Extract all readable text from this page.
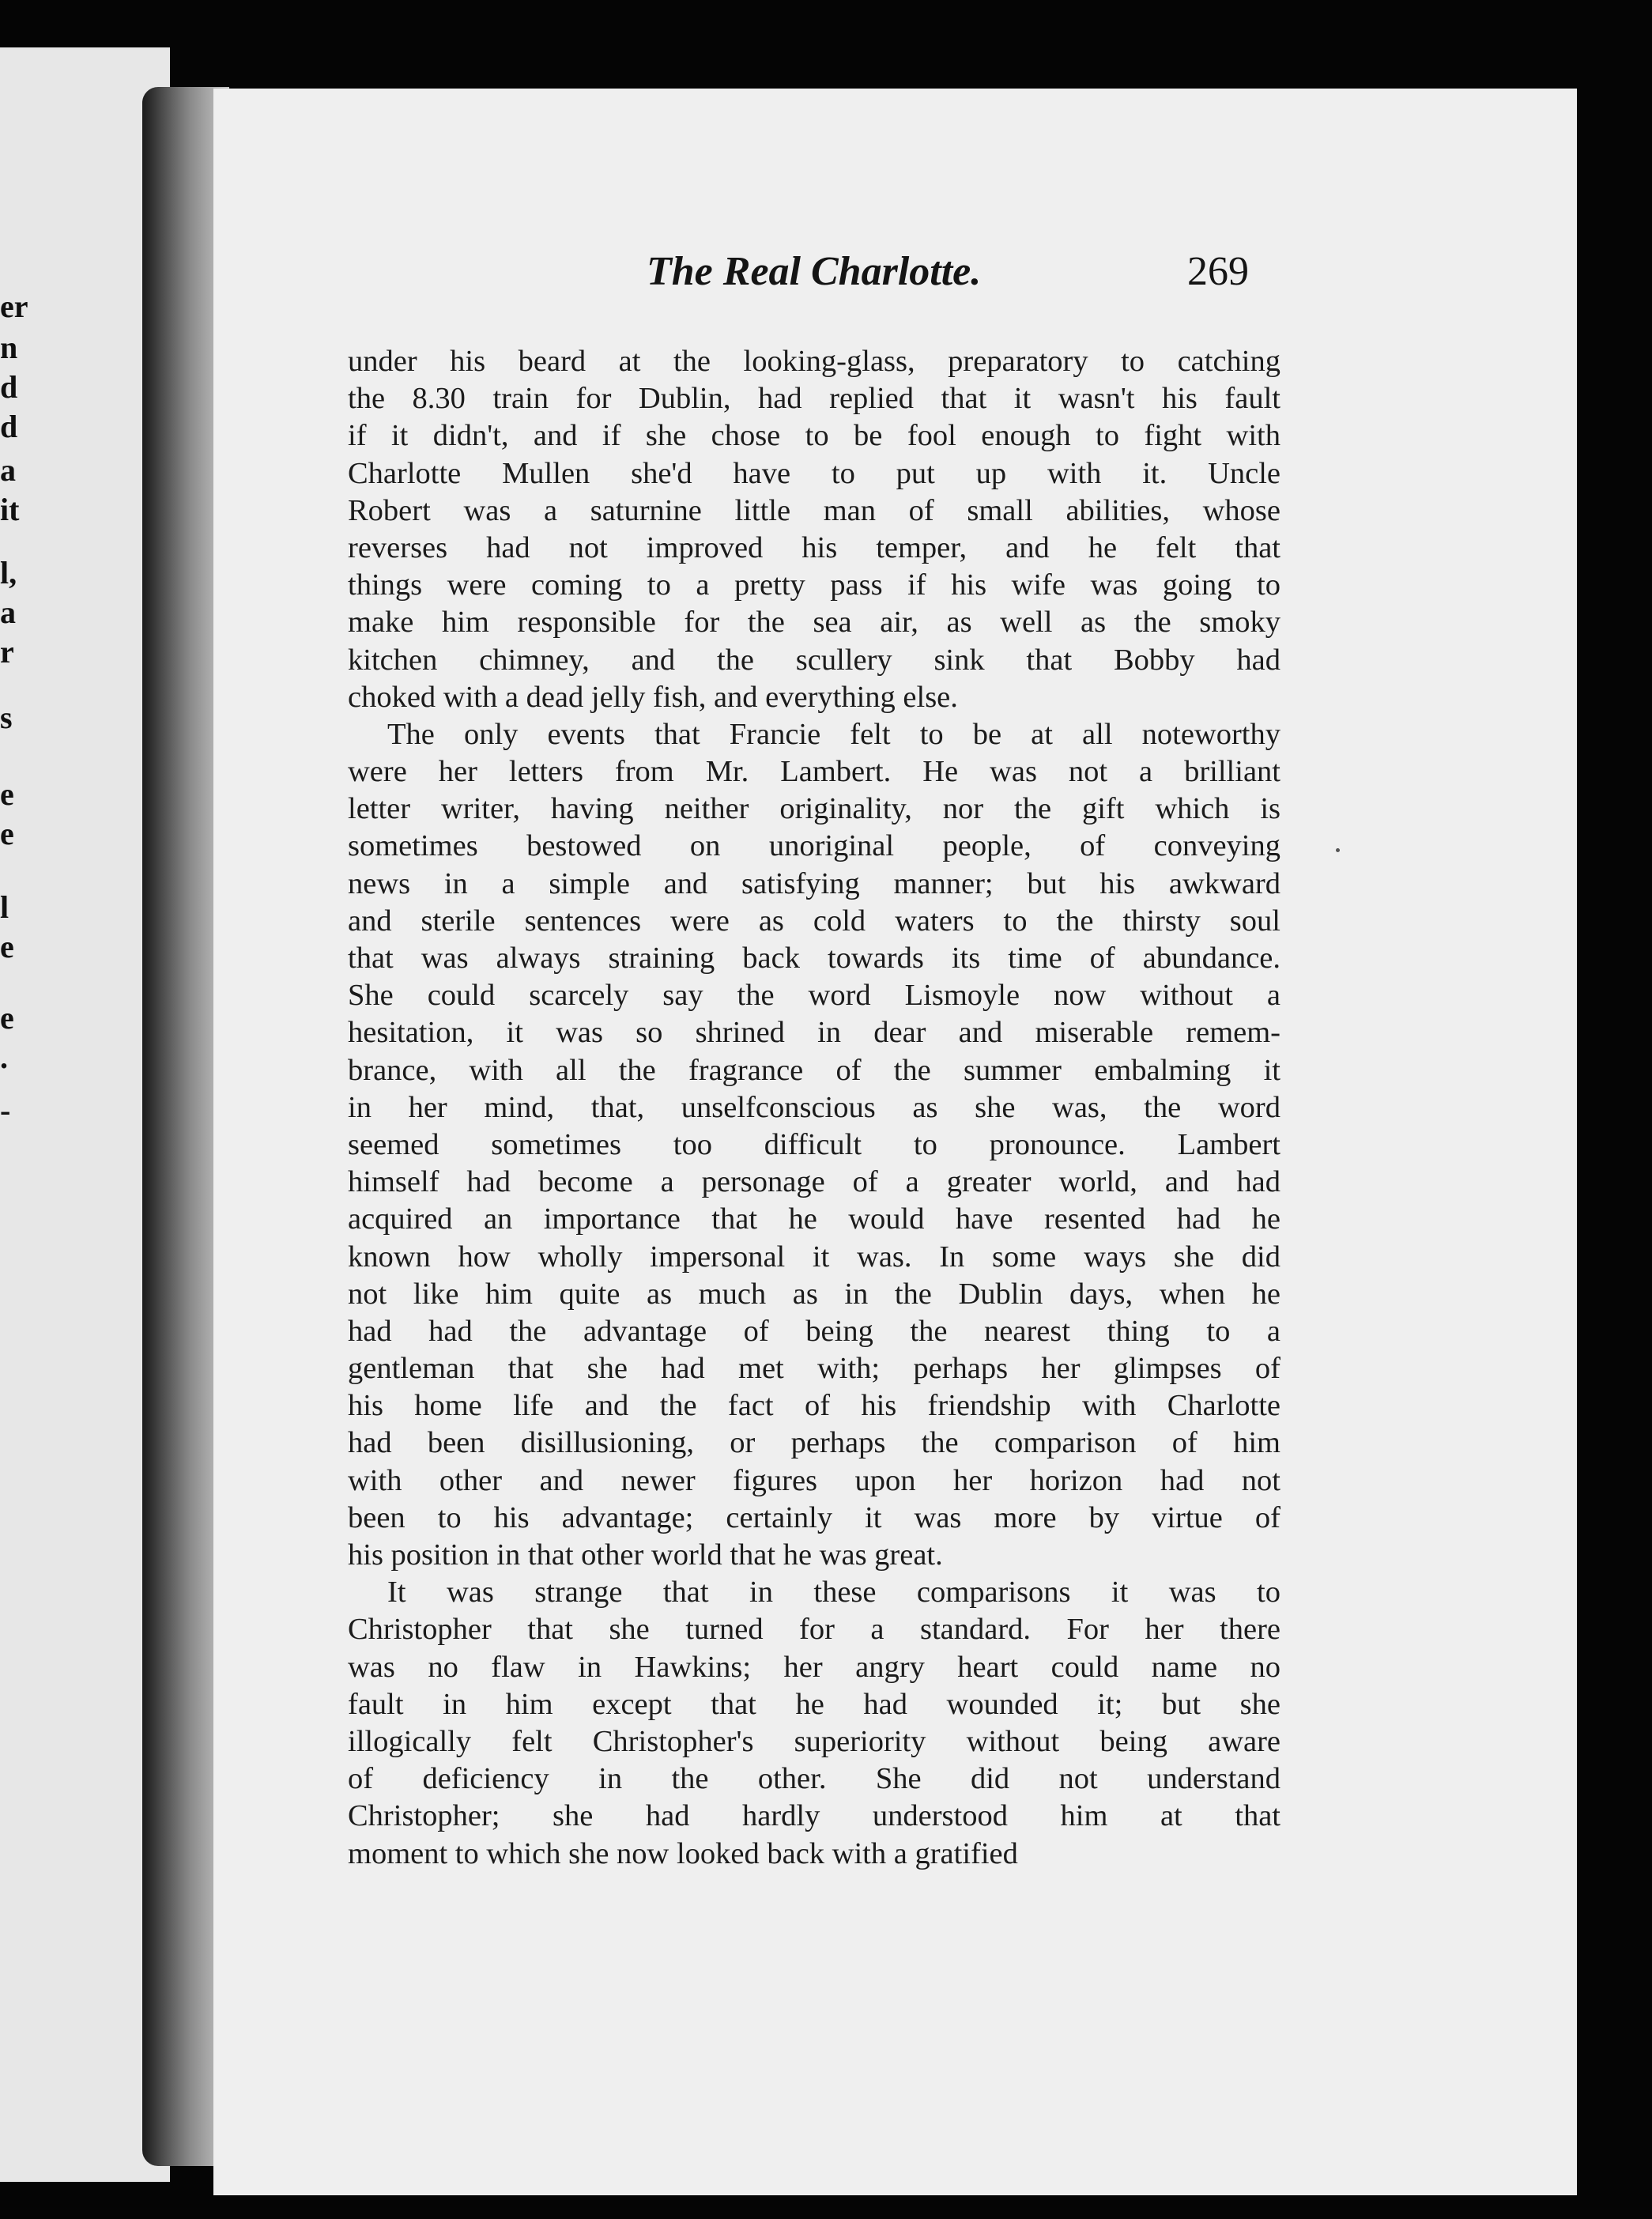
er
n
d
d
a
it
l,
a
r
s
e
e
l
e
e
.
-
The Real Charlotte.	269
under his beard at the looking-glass, preparatory to catching
the 8.30 train for Dublin, had replied that it wasn't his fault
if it didn't, and if she chose to be fool enough to fight with
Charlotte Mullen she'd have to put up with it. Uncle
Robert was a saturnine little man of small abilities, whose
reverses had not improved his temper, and he felt that
things were coming to a pretty pass if his wife was going to
make him responsible for the sea air, as well as the smoky
kitchen chimney, and the scullery sink that Bobby had
choked with a dead jelly fish, and everything else.
The only events that Francie felt to be at all noteworthy
were her letters from Mr. Lambert. He was not a brilliant
letter writer, having neither originality, nor the gift which is
sometimes bestowed on unoriginal people, of conveying
news in a simple and satisfying manner; but his awkward
and sterile sentences were as cold waters to the thirsty soul
that was always straining back towards its time of abundance.
She could scarcely say the word Lismoyle now without a
hesitation, it was so shrined in dear and miserable remem-
brance, with all the fragrance of the summer embalming it
in her mind, that, unselfconscious as she was, the word
seemed sometimes too difficult to pronounce. Lambert
himself had become a personage of a greater world, and had
acquired an importance that he would have resented had he
known how wholly impersonal it was. In some ways she did
not like him quite as much as in the Dublin days, when he
had had the advantage of being the nearest thing to a
gentleman that she had met with; perhaps her glimpses of
his home life and the fact of his friendship with Charlotte
had been disillusioning, or perhaps the comparison of him
with other and newer figures upon her horizon had not
been to his advantage; certainly it was more by virtue of
his position in that other world that he was great.
It was strange that in these comparisons it was to
Christopher that she turned for a standard. For her there
was no flaw in Hawkins; her angry heart could name no
fault in him except that he had wounded it; but she
illogically felt Christopher's superiority without being aware
of deficiency in the other. She did not understand
Christopher; she had hardly understood him at that
moment to which she now looked back with a gratified
